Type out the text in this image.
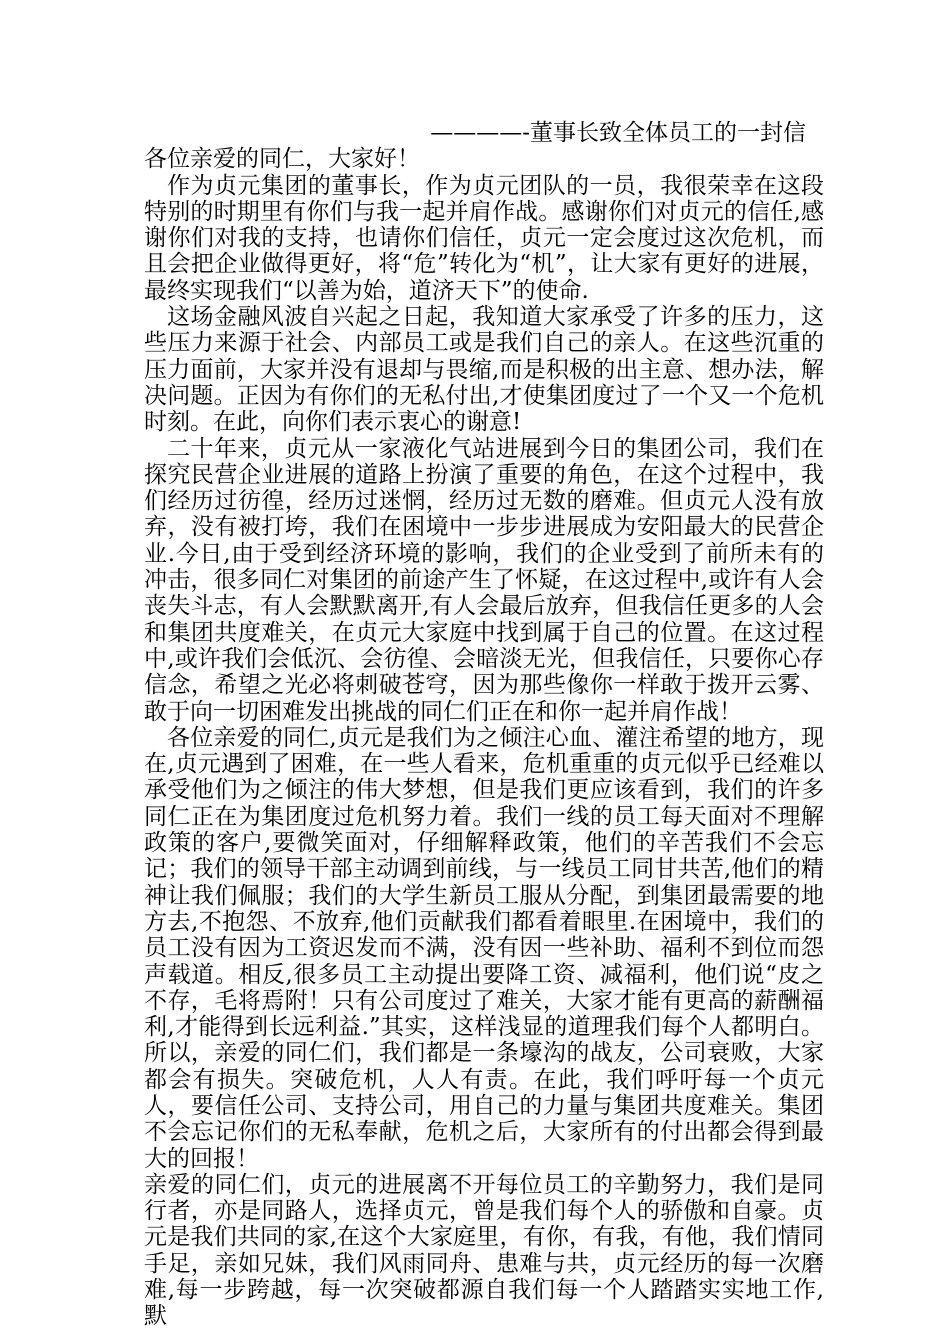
————-董事长致全体员工的一封信

各位亲爱的同仁，大家好！

作为贞元集团的董事长，作为贞元团队的一员，我很荣幸在这段特别的时期里有你们与我一起并肩作战。感谢你们对贞元的信任,感谢你们对我的支持，也请你们信任，贞元一定会度过这次危机，而且会把企业做得更好，将“危”转化为“机”，让大家有更好的进展，最终实现我们“以善为始，道济天下”的使命.

这场金融风波自兴起之日起，我知道大家承受了许多的压力，这些压力来源于社会、内部员工或是我们自己的亲人。在这些沉重的压力面前，大家并没有退却与畏缩,而是积极的出主意、想办法，解决问题。正因为有你们的无私付出,才使集团度过了一个又一个危机时刻。在此，向你们表示衷心的谢意!

二十年来，贞元从一家液化气站进展到今日的集团公司，我们在探究民营企业进展的道路上扮演了重要的角色，在这个过程中，我们经历过彷徨，经历过迷惘，经历过无数的磨难。但贞元人没有放弃，没有被打垮，我们在困境中一步步进展成为安阳最大的民营企业.今日,由于受到经济环境的影响，我们的企业受到了前所未有的冲击，很多同仁对集团的前途产生了怀疑，在这过程中,或许有人会丧失斗志，有人会默默离开,有人会最后放弃，但我信任更多的人会和集团共度难关，在贞元大家庭中找到属于自己的位置。在这过程中,或许我们会低沉、会彷徨、会暗淡无光，但我信任，只要你心存信念，希望之光必将刺破苍穹，因为那些像你一样敢于拨开云雾、敢于向一切困难发出挑战的同仁们正在和你一起并肩作战！

各位亲爱的同仁,贞元是我们为之倾注心血、灌注希望的地方，现在,贞元遇到了困难，在一些人看来，危机重重的贞元似乎已经难以承受他们为之倾注的伟大梦想，但是我们更应该看到，我们的许多同仁正在为集团度过危机努力着。我们一线的员工每天面对不理解政策的客户,要微笑面对，仔细解释政策，他们的辛苦我们不会忘记；我们的领导干部主动调到前线，与一线员工同甘共苦,他们的精神让我们佩服；我们的大学生新员工服从分配，到集团最需要的地方去,不抱怨、不放弃,他们贡献我们都看着眼里.在困境中，我们的员工没有因为工资迟发而不满，没有因一些补助、福利不到位而怨声载道。相反,很多员工主动提出要降工资、减福利，他们说“皮之不存，毛将焉附！只有公司度过了难关，大家才能有更高的薪酬福利,才能得到长远利益.”其实，这样浅显的道理我们每个人都明白。所以，亲爱的同仁们，我们都是一条壕沟的战友，公司衰败，大家都会有损失。突破危机，人人有责。在此，我们呼吁每一个贞元人，要信任公司、支持公司，用自己的力量与集团共度难关。集团不会忘记你们的无私奉献，危机之后，大家所有的付出都会得到最大的回报！

亲爱的同仁们，贞元的进展离不开每位员工的辛勤努力，我们是同行者，亦是同路人，选择贞元，曾是我们每个人的骄傲和自豪。贞元是我们共同的家,在这个大家庭里，有你，有我，有他，我们情同手足，亲如兄妹，我们风雨同舟、患难与共，贞元经历的每一次磨难,每一步跨越，每一次突破都源自我们每一个人踏踏实实地工作,默
